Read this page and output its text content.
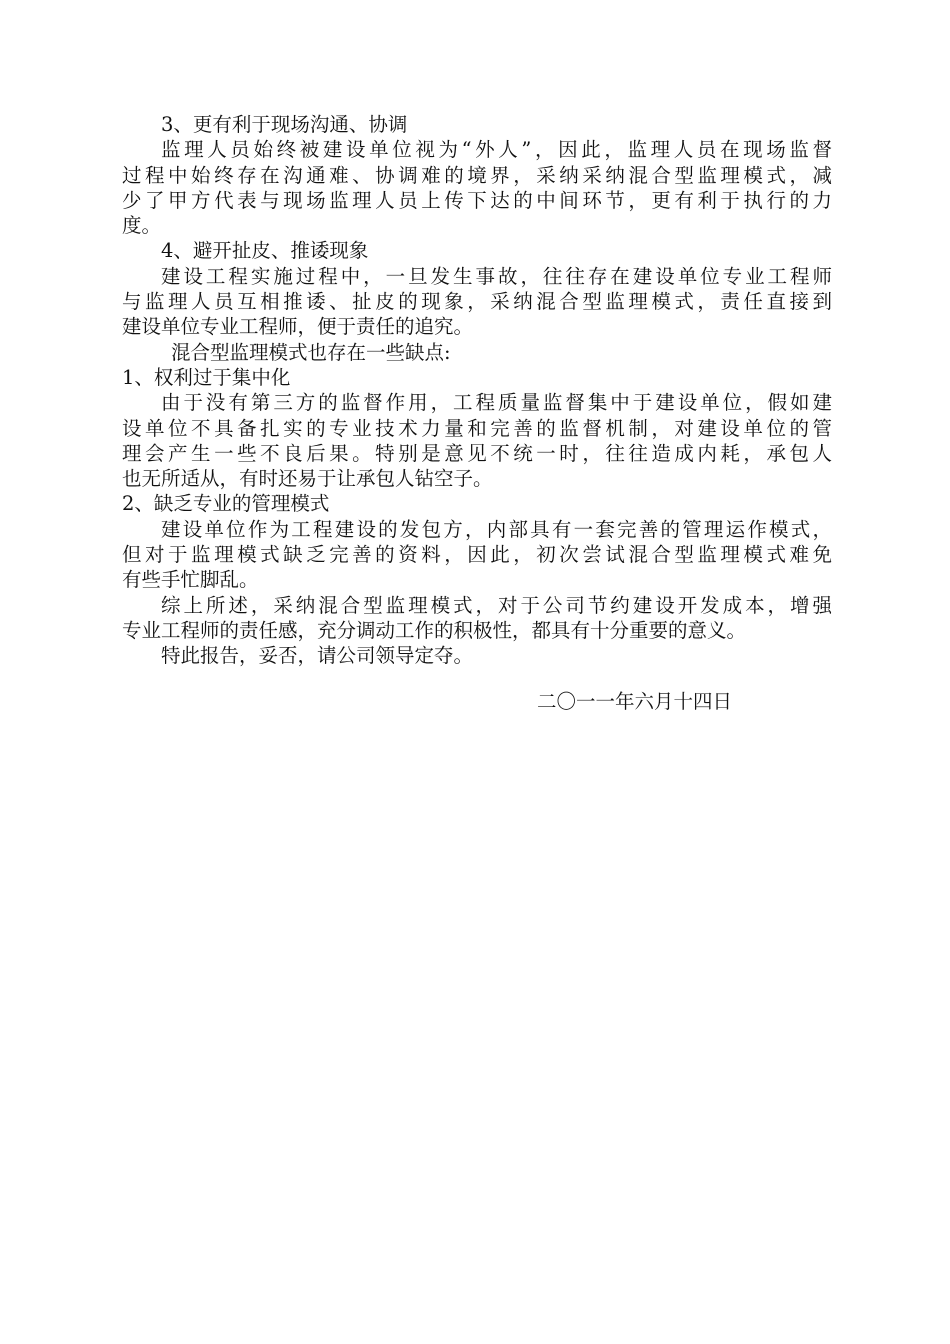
3、更有利于现场沟通、协调
监理人员始终被建设单位视为“外人”，因此，监理人员在现场监督
过程中始终存在沟通难、协调难的境界，采纳采纳混合型监理模式，减
少了甲方代表与现场监理人员上传下达的中间环节，更有利于执行的力
度。
4、避开扯皮、推诿现象
建设工程实施过程中，一旦发生事故，往往存在建设单位专业工程师
与监理人员互相推诿、扯皮的现象，采纳混合型监理模式，责任直接到
建设单位专业工程师，便于责任的追究。
混合型监理模式也存在一些缺点:
1、权利过于集中化
由于没有第三方的监督作用，工程质量监督集中于建设单位，假如建
设单位不具备扎实的专业技术力量和完善的监督机制，对建设单位的管
理会产生一些不良后果。特别是意见不统一时，往往造成内耗，承包人
也无所适从，有时还易于让承包人钻空子。
2、缺乏专业的管理模式
建设单位作为工程建设的发包方，内部具有一套完善的管理运作模式，
但对于监理模式缺乏完善的资料，因此，初次尝试混合型监理模式难免
有些手忙脚乱。
综上所述，采纳混合型监理模式，对于公司节约建设开发成本，增强
专业工程师的责任感，充分调动工作的积极性，都具有十分重要的意义。
特此报告，妥否，请公司领导定夺。
二〇一一年六月十四日
